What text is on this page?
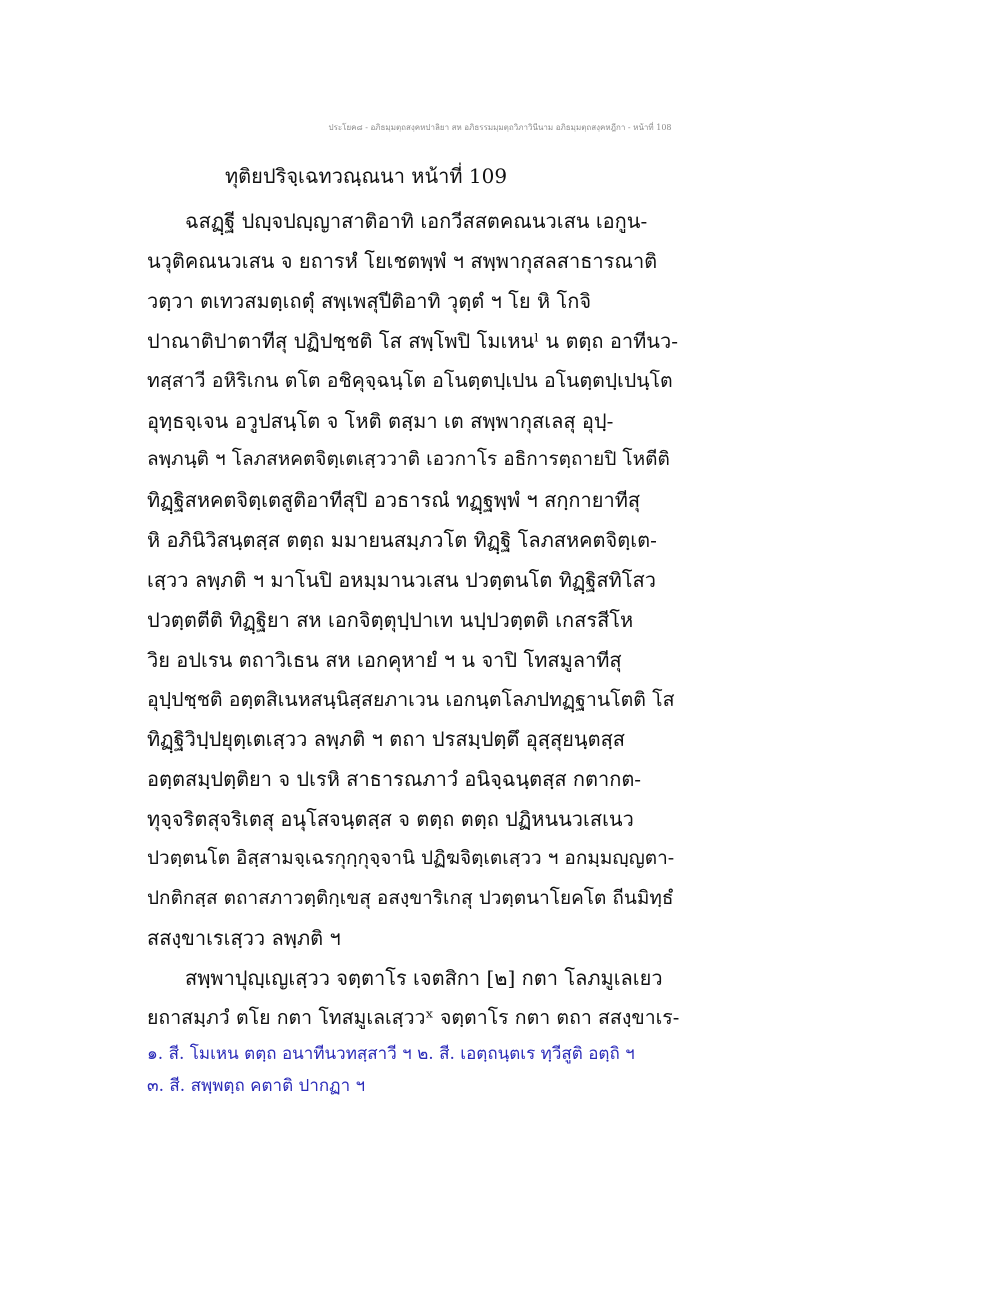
ประโยค๘ - อภิธมฺมตฺถสงฺคหปาลิยา สห อภิธรรมมฺมตฺถวิภาวินีนาม อภิธมฺมตฺถสงฺคหฎีกา - หน้าที่ 108
ทุติยปริจฺเฉทวณฺณนา หน้าที่ 109
ฉสฏฺฐี ปญฺจปญฺญาสาติอาทิ เอกวีสสตคณนวเสน เอกูน-
นวุติคณนวเสน จ ยถารหํ โยเชตพฺพํ ฯ สพฺพากุสลสาธารณาติ
วตฺวา ตเทวสมตฺเถตุํ สพฺเพสุปีติอาทิ วุตฺตํ ฯ โย หิ โกจิ
ปาณาติปาตาทีสุ ปฏิปชฺชติ โส สพฺโพปิ โมเหนˡ น ตตฺถ อาทีนว-
ทสฺสาวี อหิริเกน ตโต อชิคุจฺฉนฺโต อโนตฺตปฺเปน อโนตฺตปฺเปนฺโต
อุทฺธจฺเจน อวูปสนฺโต จ โหติ ตสฺมา เต สพฺพากุสเลสุ อุปฺ-
ลพฺภนฺติ ฯ โลภสหคตจิตฺเตเสฺววาติ เอวกาโร อธิการตฺถายปิ โหตีติ
ทิฏฺฐิสหคตจิตฺเตสูติอาทีสุปิ อวธารณํ ทฏฺฐพฺพํ ฯ สกฺกายาทีสุ
หิ อภินิวิสนฺตสฺส ตตฺถ มมายนสมฺภวโต ทิฏฺฐิ โลภสหคตจิตฺเต-
เสฺวว ลพฺภติ ฯ มาโนปิ อหมฺมานวเสน ปวตฺตนโต ทิฏฺฐิสทิโสว
ปวตฺตตีติ ทิฏฺฐิยา สห เอกจิตฺตุปฺปาเท นปฺปวตฺตติ เกสรสีโห
วิย อปเรน ตถาวิเธน สห เอกคุหายํ ฯ น จาปิ โทสมูลาทีสุ
อุปฺปชฺชติ อตฺตสิเนหสนฺนิสฺสยภาเวน เอกนฺตโลภปทฏฺฐานโตติ โส
ทิฏฺฐิวิปฺปยุตฺเตเสฺวว ลพฺภติ ฯ ตถา ปรสมฺปตฺตึ อุสฺสุยนฺตสฺส
อตฺตสมฺปตฺติยา จ ปเรหิ สาธารณภาวํ อนิจฺฉนฺตสฺส กตากต-
ทุจฺจริตสุจริเตสุ อนุโสจนฺตสฺส จ ตตฺถ ตตฺถ ปฏิหนนวเสเนว
ปวตฺตนโต อิสฺสามจฺเฉรกุกฺกุจฺจานิ ปฏิฆจิตฺเตเสฺวว ฯ อกมฺมญฺญตา-
ปกติกสฺส ตถาสภาวตฺติกฺเขสุ อสงฺขาริเกสุ ปวตฺตนาโยคโต ถีนมิทฺธํ
สสงฺขาเรเสฺวว ลพฺภติ ฯ
สพฺพาปุญฺเญเสฺวว จตฺตาโร เจตสิกา [๒] กตา โลภมูเลเยว
ยถาสมฺภวํ ตโย กตา โทสมูเลเสฺววˣ จตฺตาโร กตา ตถา สสงฺขาเร-
๑. สี. โมเหน ตตฺถ อนาทีนวทสฺสาวี ฯ ๒. สี. เอตฺถนฺตเร ทฺวีสูติ อตฺถิ ฯ
๓. สี. สพฺพตฺถ คตาติ ปากฏา ฯ
